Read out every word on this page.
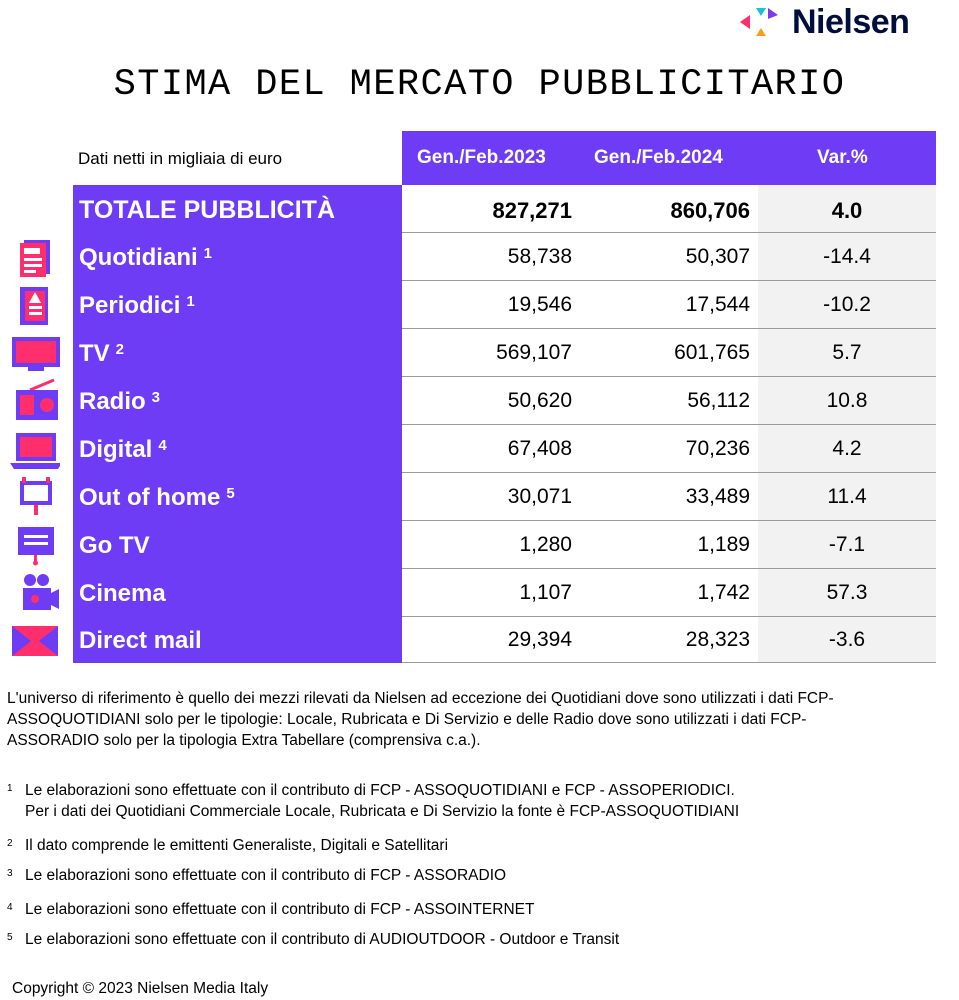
Nielsen
STIMA DEL MERCATO PUBBLICITARIO
Dati netti in migliaia di euro	Gen./Feb.2023	Gen./Feb.2024	Var.%
TOTALE PUBBLICITÀ	827,271	860,706	4.0
Quotidiani $^1$	58,738	50,307	-14.4
Periodici $^1$	19,546	17,544	-10.2
TV $^2$	569,107	601,765	5.7
Radio $^3$	50,620	56,112	10.8
Digital $^4$	67,408	70,236	4.2
Out of home $^5$	30,071	33,489	11.4
Go TV	1,280	1,189	-7.1
Cinema	1,107	1,742	57.3
Direct mail	29,394	28,323	-3.6

L'universo di riferimento è quello dei mezzi rilevati da Nielsen ad eccezione dei Quotidiani dove sono utilizzati i dati FCP-

ASSOQUOTIDIANI solo per le tipologie: Locale, Rubricata e Di Servizio e delle Radio dove sono utilizzati i dati FCP-

ASSORADIO solo per la tipologia Extra Tabellare (comprensiva c.a.).

1 Le elaborazioni sono effettuate con il contributo di FCP - ASSOQUOTIDIANI e FCP - ASSOPERIODICI.
Per i dati dei Quotidiani Commerciale Locale, Rubricata e Di Servizio la fonte è FCP-ASSOQUOTIDIANI
2 Il dato comprende le emittenti Generaliste, Digitali e Satellitari
3 Le elaborazioni sono effettuate con il contributo di FCP - ASSORADIO
4 Le elaborazioni sono effettuate con il contributo di FCP - ASSOINTERNET
5 Le elaborazioni sono effettuate con il contributo di AUDIOUTDOOR - Outdoor e Transit
Copyright © 2023 Nielsen Media Italy
